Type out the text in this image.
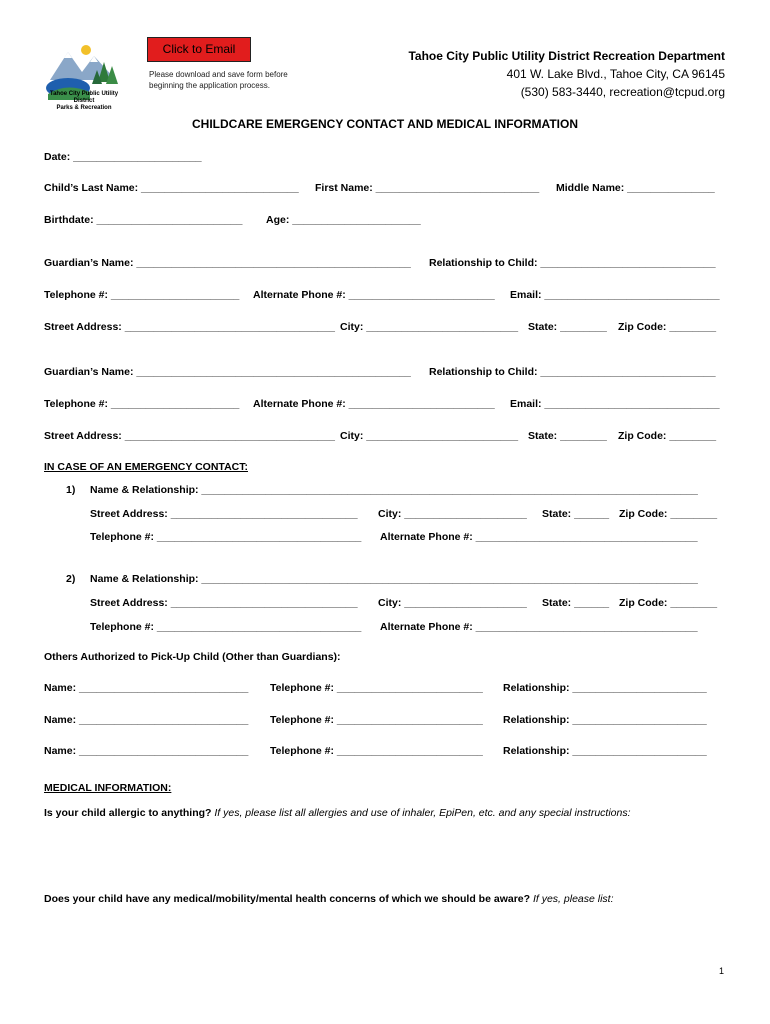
Tahoe City Public Utility District
Parks & Recreation
Click to Email
Please download and save form before
beginning the application process.
Tahoe City Public Utility District Recreation Department
401 W. Lake Blvd., Tahoe City, CA 96145
(530) 583-3440, recreation@tcpud.org
CHILDCARE EMERGENCY CONTACT AND MEDICAL INFORMATION
Date: ______________________
Child’s Last Name: ___________________________ First Name: ____________________________ Middle Name: _______________
Birthdate: _________________________ Age: ______________________
Guardian’s Name: _______________________________________________ Relationship to Child: ______________________________
Telephone #: ______________________ Alternate Phone #: _________________________ Email: ______________________________
Street Address: ____________________________________ City: __________________________ State: ________ Zip Code: ________
Guardian’s Name: _______________________________________________ Relationship to Child: ______________________________
Telephone #: ______________________ Alternate Phone #: _________________________ Email: ______________________________
Street Address: ____________________________________ City: __________________________ State: ________ Zip Code: ________
IN CASE OF AN EMERGENCY CONTACT:
1) Name & Relationship: _____________________________________________________________________________________
Street Address: ________________________________ City: _____________________ State: ______ Zip Code: ________
Telephone #: ___________________________________ Alternate Phone #: ______________________________________
2) Name & Relationship: _____________________________________________________________________________________
Street Address: ________________________________ City: _____________________ State: ______ Zip Code: ________
Telephone #: ___________________________________ Alternate Phone #: ______________________________________
Others Authorized to Pick-Up Child (Other than Guardians):
Name: _____________________________ Telephone #: _________________________ Relationship: _______________________
Name: _____________________________ Telephone #: _________________________ Relationship: _______________________
Name: _____________________________ Telephone #: _________________________ Relationship: _______________________
MEDICAL INFORMATION:
Is your child allergic to anything? If yes, please list all allergies and use of inhaler, EpiPen, etc. and any special instructions:
Does your child have any medical/mobility/mental health concerns of which we should be aware? If yes, please list:
1
